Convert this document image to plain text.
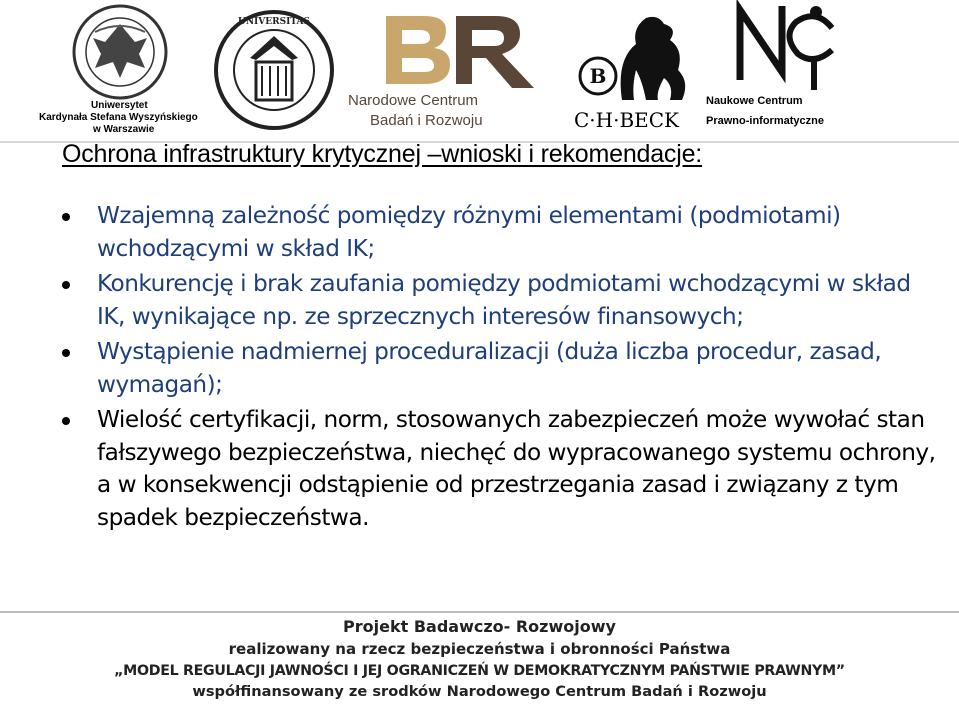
Uniwersytet
Kardynała Stefana Wyszyńskiego
w Warszawie
UNIVERSITAS
Narodowe Centrum
Badań i Rozwoju
B
C·H·BECK
Naukowe Centrum
Prawno-informatyczne
Ochrona infrastruktury krytycznej –wnioski i rekomendacje:
Wzajemną zależność pomiędzy różnymi elementami (podmiotami) wchodzącymi w skład IK;
Konkurencję i brak zaufania pomiędzy podmiotami wchodzącymi w skład IK, wynikające np. ze sprzecznych interesów finansowych;
Wystąpienie nadmiernej proceduralizacji (duża liczba procedur, zasad, wymagań);
Wielość certyfikacji, norm, stosowanych zabezpieczeń może wywołać stan fałszywego bezpieczeństwa, niechęć do wypracowanego systemu ochrony, a w konsekwencji odstąpienie od przestrzegania zasad i związany z tym spadek bezpieczeństwa.
Projekt Badawczo- Rozwojowy
realizowany na rzecz bezpieczeństwa i obronności Państwa
„MODEL REGULACJI JAWNOŚCI I JEJ OGRANICZEŃ W DEMOKRATYCZNYM PAŃSTWIE PRAWNYM”
współfinansowany ze srodków Narodowego Centrum Badań i Rozwoju
